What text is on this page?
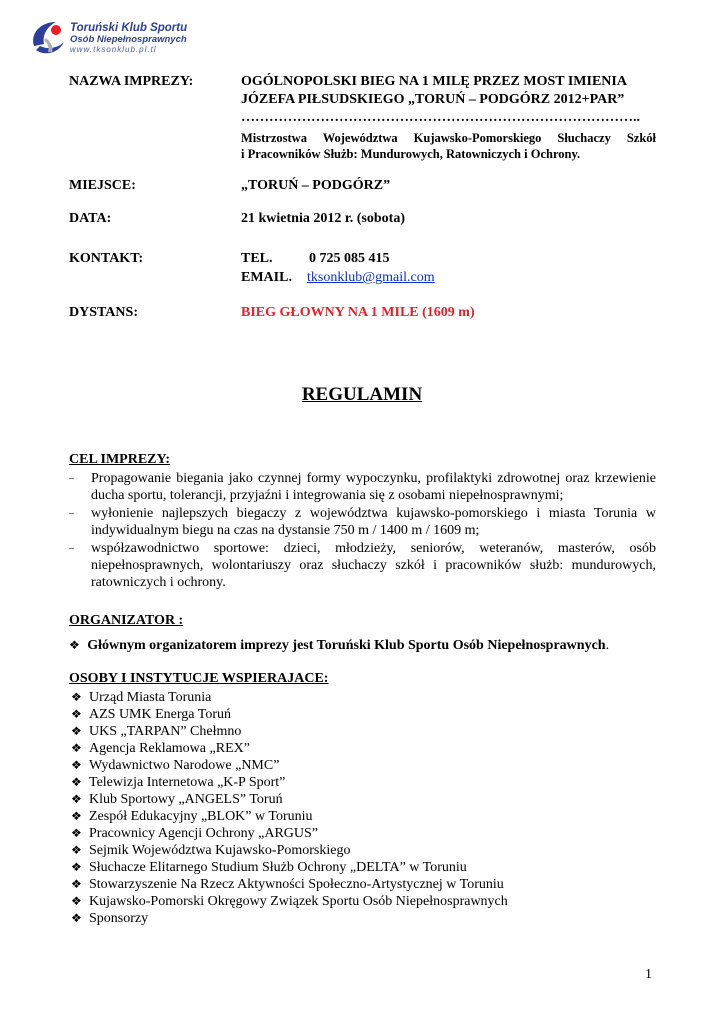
Toruński Klub Sportu
Osób Niepełnosprawnych
www.tksonklub.pl.tl
NAZWA IMPREZY:	OGÓLNOPOLSKI BIEG NA 1 MILĘ PRZEZ MOST IMIENIA
JÓZEFA PIŁSUDSKIEGO „TORUŃ – PODGÓRZ 2012+PAR”
…………………………………………………………………………..
Mistrzostwa Województwa Kujawsko-Pomorskiego Słuchaczy Szkół
i Pracowników Służb: Mundurowych, Ratowniczych i Ochrony.
MIEJSCE:	„TORUŃ – PODGÓRZ”
DATA:	21 kwietnia 2012 r. (sobota)
KONTAKT:	TEL.	0 725 085 415
EMAIL. tksonklub@gmail.com
DYSTANS:	BIEG GŁOWNY NA 1 MILE (1609 m)
REGULAMIN
CEL IMPREZY:
– Propagowanie biegania jako czynnej formy wypoczynku, profilaktyki zdrowotnej oraz krzewienie ducha sportu, tolerancji, przyjaźni i integrowania się z osobami niepełnosprawnymi;
– wyłonienie najlepszych biegaczy z województwa kujawsko-pomorskiego i miasta Torunia w indywidualnym biegu na czas na dystansie 750 m / 1400 m / 1609 m;
– współzawodnictwo sportowe: dzieci, młodzieży, seniorów, weteranów, masterów, osób niepełnosprawnych, wolontariuszy oraz słuchaczy szkół i pracowników służb: mundurowych, ratowniczych i ochrony.
ORGANIZATOR :
❖ Głównym organizatorem imprezy jest Toruński Klub Sportu Osób Niepełnosprawnych.
OSOBY I INSTYTUCJE WSPIERAJACE:
❖ Urząd Miasta Torunia
❖ AZS UMK Energa Toruń
❖ UKS „TARPAN” Chełmno
❖ Agencja Reklamowa „REX”
❖ Wydawnictwo Narodowe „NMC”
❖ Telewizja Internetowa „K-P Sport”
❖ Klub Sportowy „ANGELS” Toruń
❖ Zespół Edukacyjny „BLOK” w Toruniu
❖ Pracownicy Agencji Ochrony „ARGUS”
❖ Sejmik Województwa Kujawsko-Pomorskiego
❖ Słuchacze Elitarnego Studium Służb Ochrony „DELTA” w Toruniu
❖ Stowarzyszenie Na Rzecz Aktywności Społeczno-Artystycznej w Toruniu
❖ Kujawsko-Pomorski Okręgowy Związek Sportu Osób Niepełnosprawnych
❖ Sponsorzy
1
